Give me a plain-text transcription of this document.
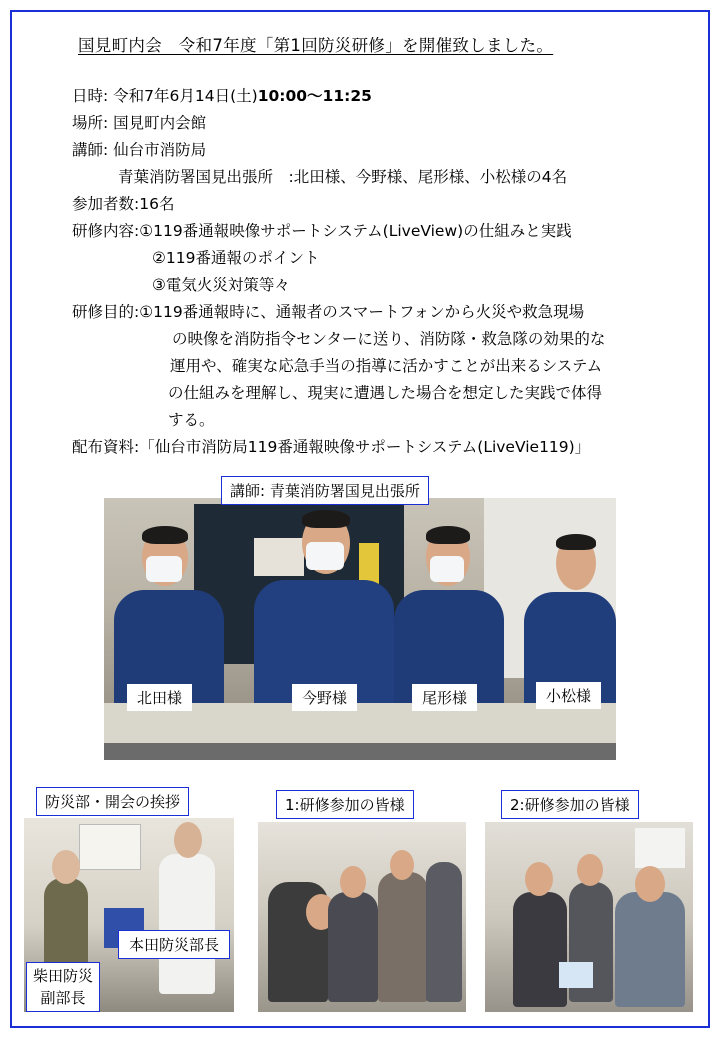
国見町内会　令和7年度「第1回防災研修」を開催致しました。
日時: 令和7年6月14日(土)10:00～11:25
場所: 国見町内会館
講師: 仙台市消防局
青葉消防署国見出張所　:北田様、今野様、尾形様、小松様の4名
参加者数:16名
研修内容:①119番通報映像サポートシステム(LiveView)の仕組みと実践
②119番通報のポイント
③電気火災対策等々
研修目的:①119番通報時に、通報者のスマートフォンから火災や救急現場
の映像を消防指令センターに送り、消防隊・救急隊の効果的な
運用や、確実な応急手当の指導に活かすことが出来るシステム
の仕組みを理解し、現実に遭遇した場合を想定した実践で体得
する。
配布資料:「仙台市消防局119番通報映像サポートシステム(LiveVie119)」
講師: 青葉消防署国見出張所
北田様	今野様	尾形様	小松様
防災部・開会の挨拶
本田防災部長
柴田防災
副部長
1:研修参加の皆様	2:研修参加の皆様
